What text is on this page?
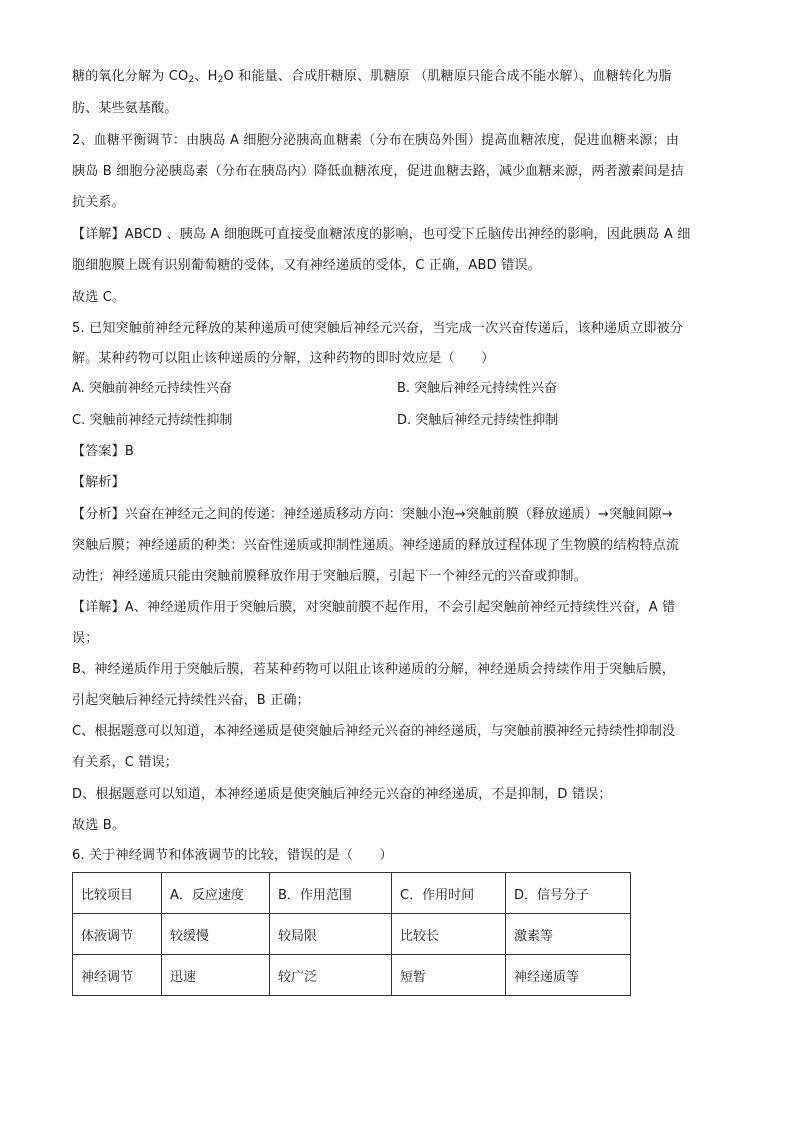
糖的氧化分解为 $CO_2$、$H_2O$ 和能量、合成肝糖原、肌糖原 （肌糖原只能合成不能水解）、血糖转化为脂
肪、某些氨基酸。
2、血糖平衡调节：由胰岛 A 细胞分泌胰高血糖素（分布在胰岛外围）提高血糖浓度，促进血糖来源；由
胰岛 B 细胞分泌胰岛素（分布在胰岛内）降低血糖浓度，促进血糖去路，减少血糖来源，两者激素间是拮
抗关系。
【详解】ABCD 、胰岛 A 细胞既可直接受血糖浓度的影响，也可受下丘脑传出神经的影响，因此胰岛 A 细
胞细胞膜上既有识别葡萄糖的受体，又有神经递质的受体，C 正确，ABD 错误。
故选 C。
5. 已知突触前神经元释放的某种递质可使突触后神经元兴奋，当完成一次兴奋传递后，该种递质立即被分
解。某种药物可以阻止该种递质的分解，这种药物的即时效应是（　　）
A. 突触前神经元持续性兴奋	B. 突触后神经元持续性兴奋
C. 突触前神经元持续性抑制	D. 突触后神经元持续性抑制
【答案】B
【解析】
【分析】兴奋在神经元之间的传递：神经递质移动方向：突触小泡→突触前膜（释放递质）→突触间隙→
突触后膜；神经递质的种类：兴奋性递质或抑制性递质。神经递质的释放过程体现了生物膜的结构特点流
动性；神经递质只能由突触前膜释放作用于突触后膜，引起下一个神经元的兴奋或抑制。
【详解】A、神经递质作用于突触后膜，对突触前膜不起作用，不会引起突触前神经元持续性兴奋，A 错
误；
B、神经递质作用于突触后膜，若某种药物可以阻止该种递质的分解，神经递质会持续作用于突触后膜，
引起突触后神经元持续性兴奋，B 正确；
C、根据题意可以知道，本神经递质是使突触后神经元兴奋的神经递质，与突触前膜神经元持续性抑制没
有关系，C 错误；
D、根据题意可以知道，本神经递质是使突触后神经元兴奋的神经递质，不是抑制，D 错误；
故选 B。
6. 关于神经调节和体液调节的比较，错误的是（　　）
比较项目	A．反应速度	B．作用范围	C．作用时间	D．信号分子
体液调节	较缓慢	较局限	比较长	激素等
神经调节	迅速	较广泛	短暂	神经递质等
